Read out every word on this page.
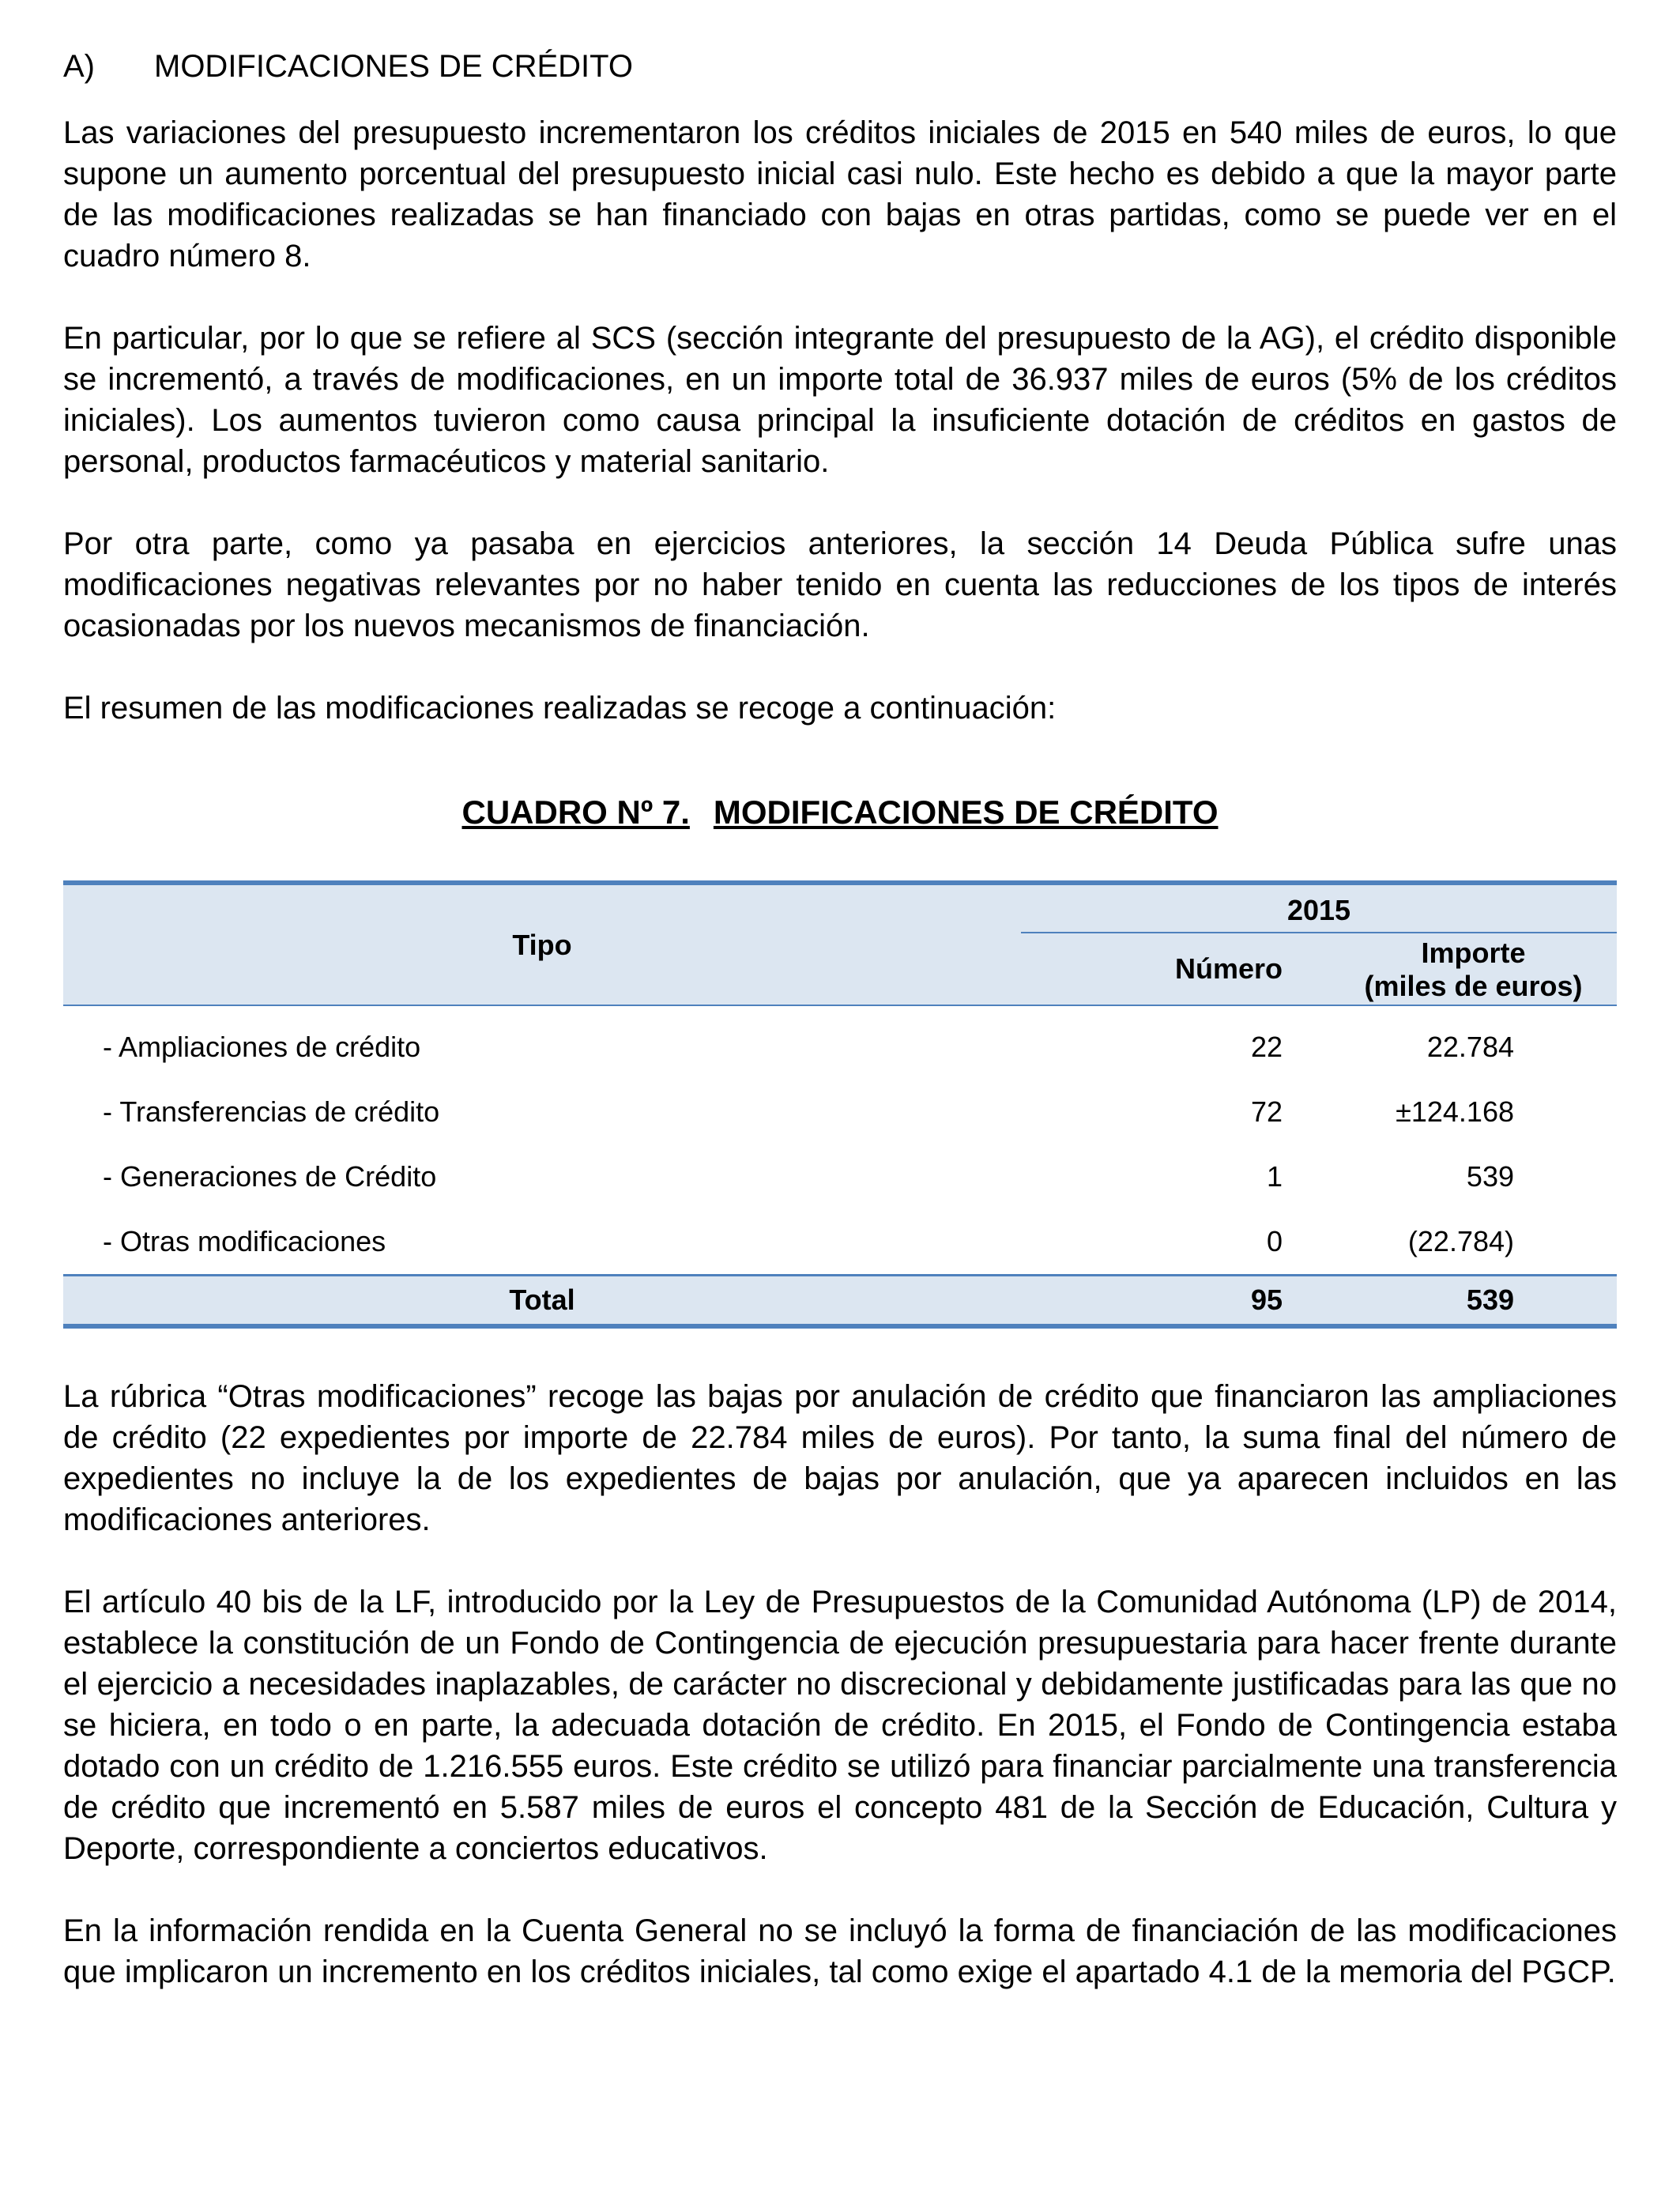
A)	MODIFICACIONES DE CRÉDITO

Las variaciones del presupuesto incrementaron los créditos iniciales de 2015 en 540 miles de euros, lo que supone un aumento porcentual del presupuesto inicial casi nulo. Este hecho es debido a que la mayor parte de las modificaciones realizadas se han financiado con bajas en otras partidas, como se puede ver en el cuadro número 8.

En particular, por lo que se refiere al SCS (sección integrante del presupuesto de la AG), el crédito disponible se incrementó, a través de modificaciones, en un importe total de 36.937 miles de euros (5% de los créditos iniciales). Los aumentos tuvieron como causa principal la insuficiente dotación de créditos en gastos de personal, productos farmacéuticos y material sanitario.

Por otra parte, como ya pasaba en ejercicios anteriores, la sección 14 Deuda Pública sufre unas modificaciones negativas relevantes por no haber tenido en cuenta las reducciones de los tipos de interés ocasionadas por los nuevos mecanismos de financiación.

El resumen de las modificaciones realizadas se recoge a continuación:

CUADRO Nº 7. MODIFICACIONES DE CRÉDITO
Tipo	2015	
	Número	Importe
(miles de euros)

- Ampliaciones de crédito	22	22.784
- Transferencias de crédito	72	±124.168
- Generaciones de Crédito	1	539
- Otras modificaciones	0	(22.784)
Total	95	539

La rúbrica “Otras modificaciones” recoge las bajas por anulación de crédito que financiaron las ampliaciones de crédito (22 expedientes por importe de 22.784 miles de euros). Por tanto, la suma final del número de expedientes no incluye la de los expedientes de bajas por anulación, que ya aparecen incluidos en las modificaciones anteriores.

El artículo 40 bis de la LF, introducido por la Ley de Presupuestos de la Comunidad Autónoma (LP) de 2014, establece la constitución de un Fondo de Contingencia de ejecución presupuestaria para hacer frente durante el ejercicio a necesidades inaplazables, de carácter no discrecional y debidamente justificadas para las que no se hiciera, en todo o en parte, la adecuada dotación de crédito. En 2015, el Fondo de Contingencia estaba dotado con un crédito de 1.216.555 euros. Este crédito se utilizó para financiar parcialmente una transferencia de crédito que incrementó en 5.587 miles de euros el concepto 481 de la Sección de Educación, Cultura y Deporte, correspondiente a conciertos educativos.

En la información rendida en la Cuenta General no se incluyó la forma de financiación de las modificaciones que implicaron un incremento en los créditos iniciales, tal como exige el apartado 4.1 de la memoria del PGCP.
